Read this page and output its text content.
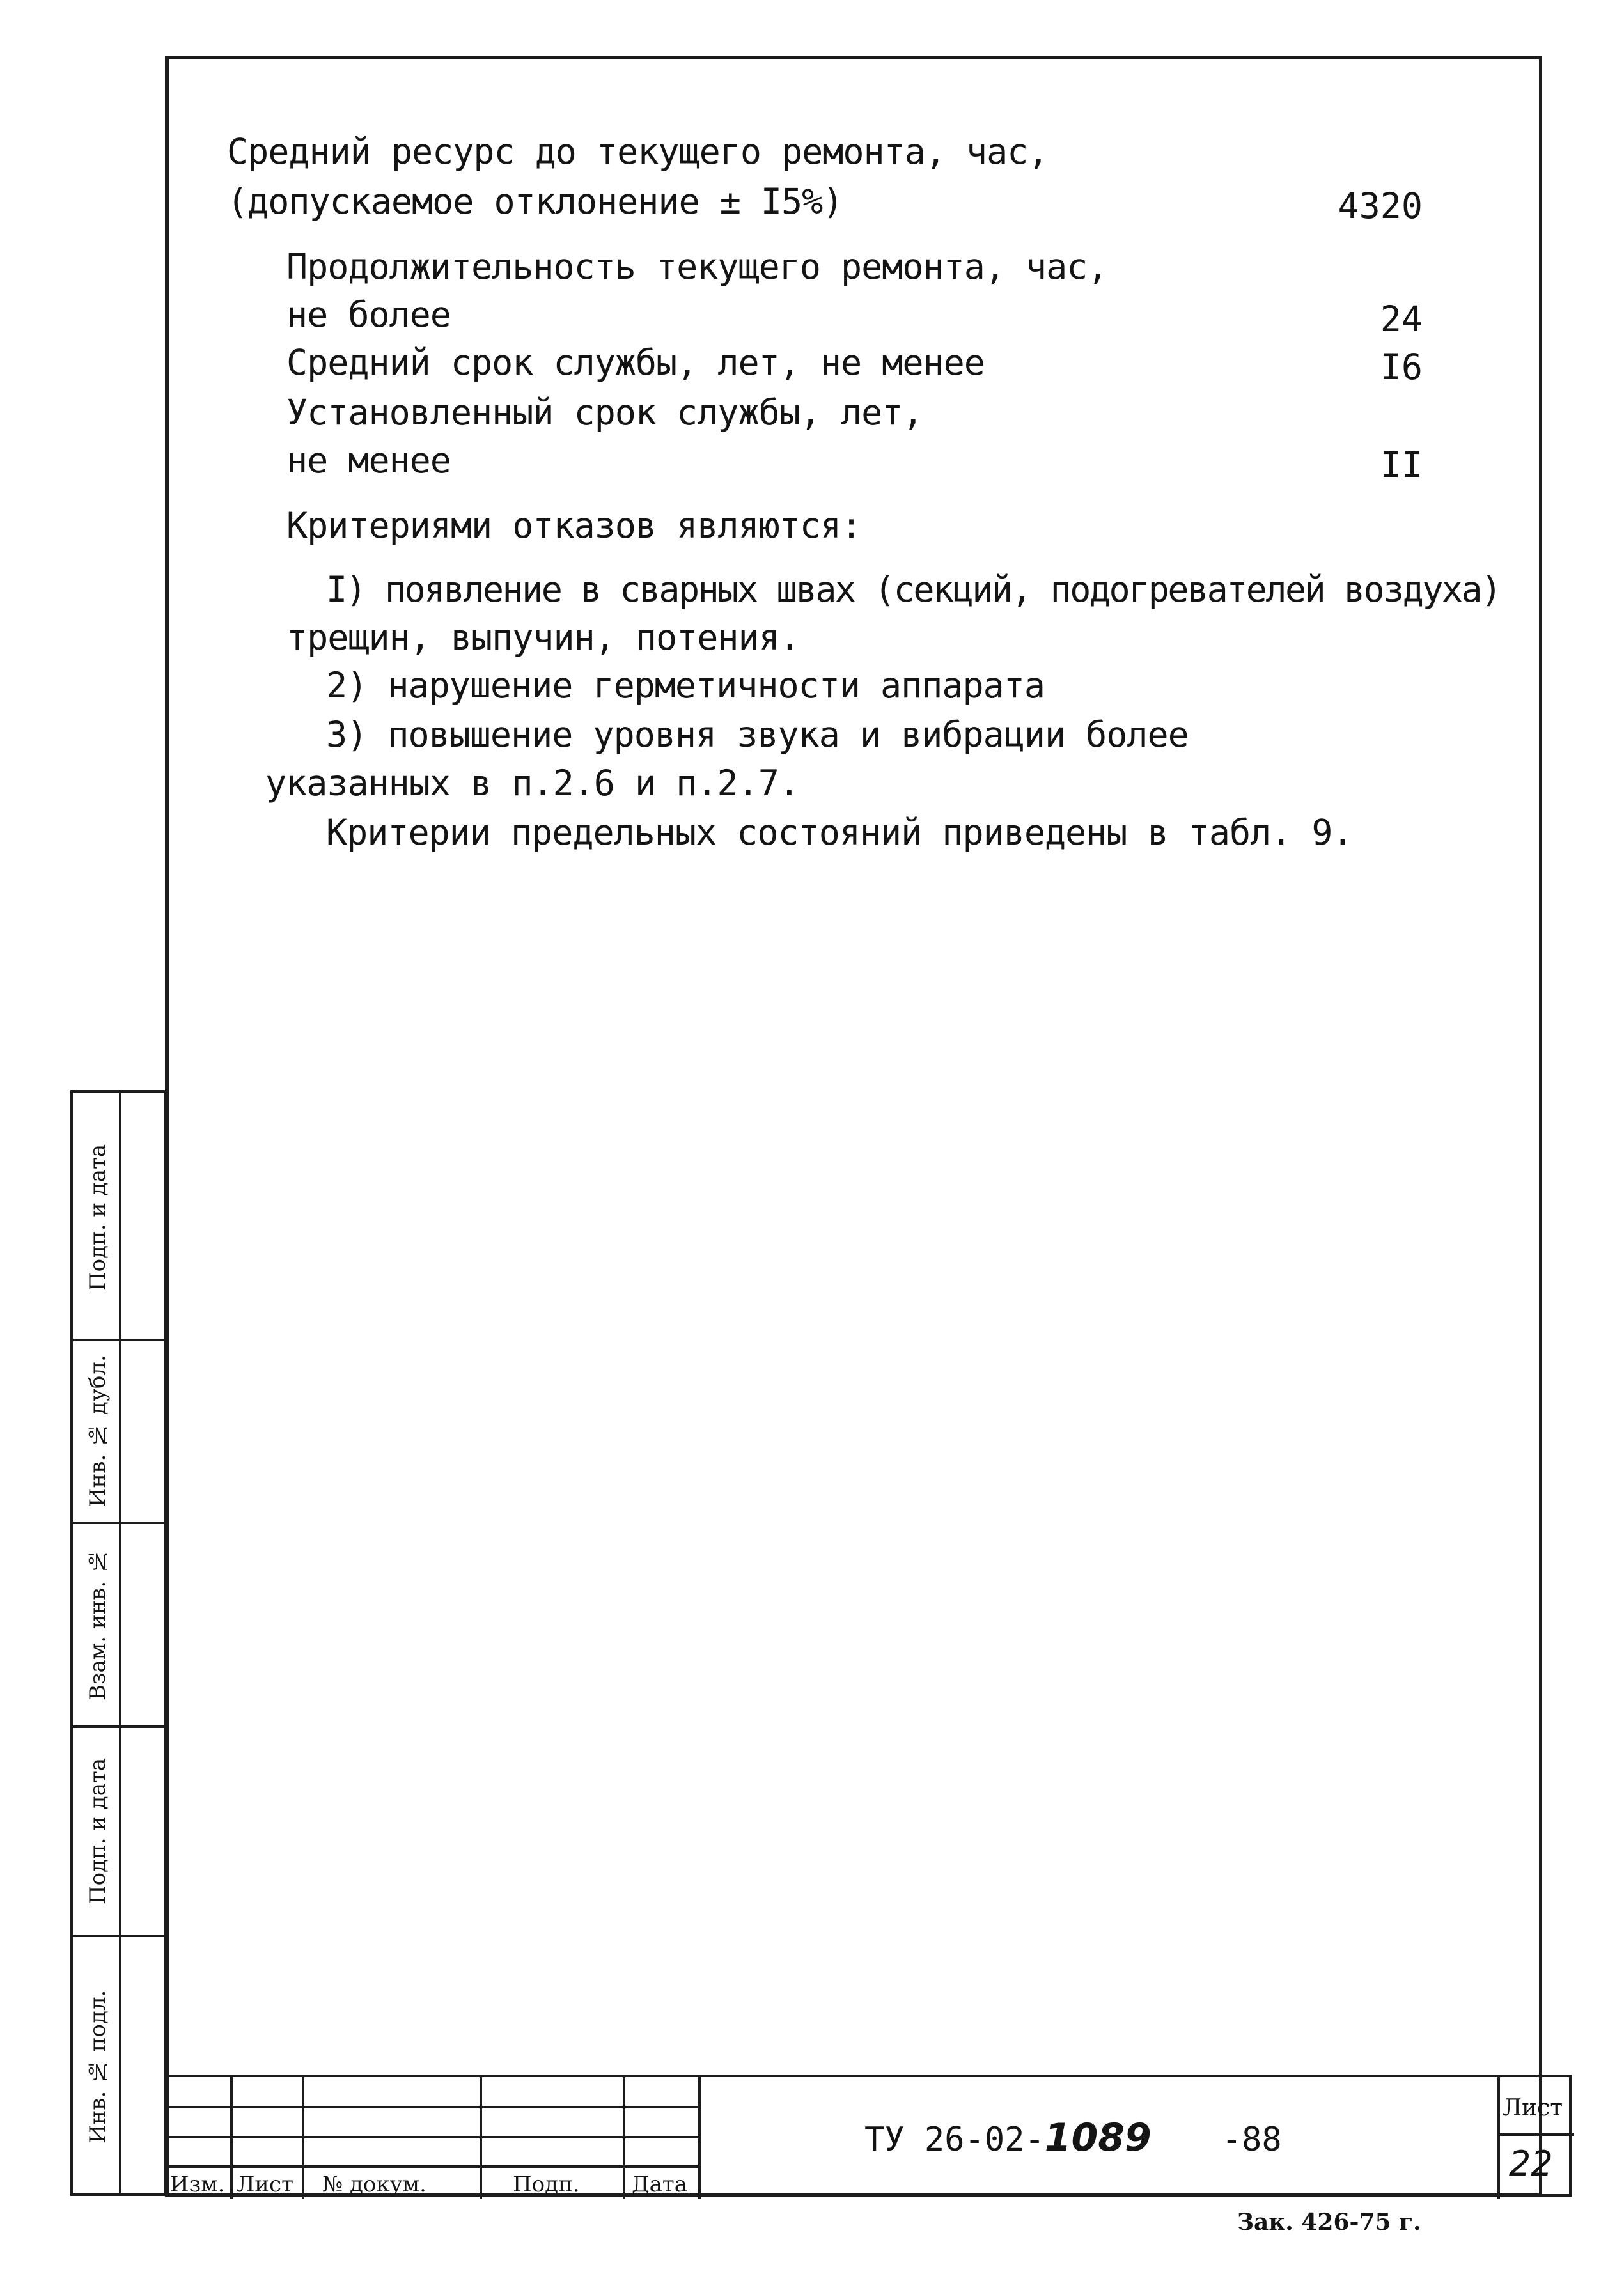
Средний ресурс до текущего ремонта, час,
(допускаемое отклонение ± I5%)	4320
Продолжительность текущего ремонта, час,
не более	24
Средний срок службы, лет, не менее	I6
Установленный срок службы, лет,
не менее	II
Критериями отказов являются:
I) появление в сварных швах (секций, подогревателей воздуха)
трещин, выпучин, потения.
2) нарушение герметичности аппарата
3) повышение уровня звука и вибрации более
указанных в п.2.6 и п.2.7.
Критерии предельных состояний приведены в табл. 9.
Подп. и дата
Инв. № дубл.
Взам. инв. №
Подп. и дата
Инв. № подл.
Изм. Лист № докум.	Подп. Дата
ТУ 26-02-1089 -88
Лист
22
Зак. 426-75 г.
